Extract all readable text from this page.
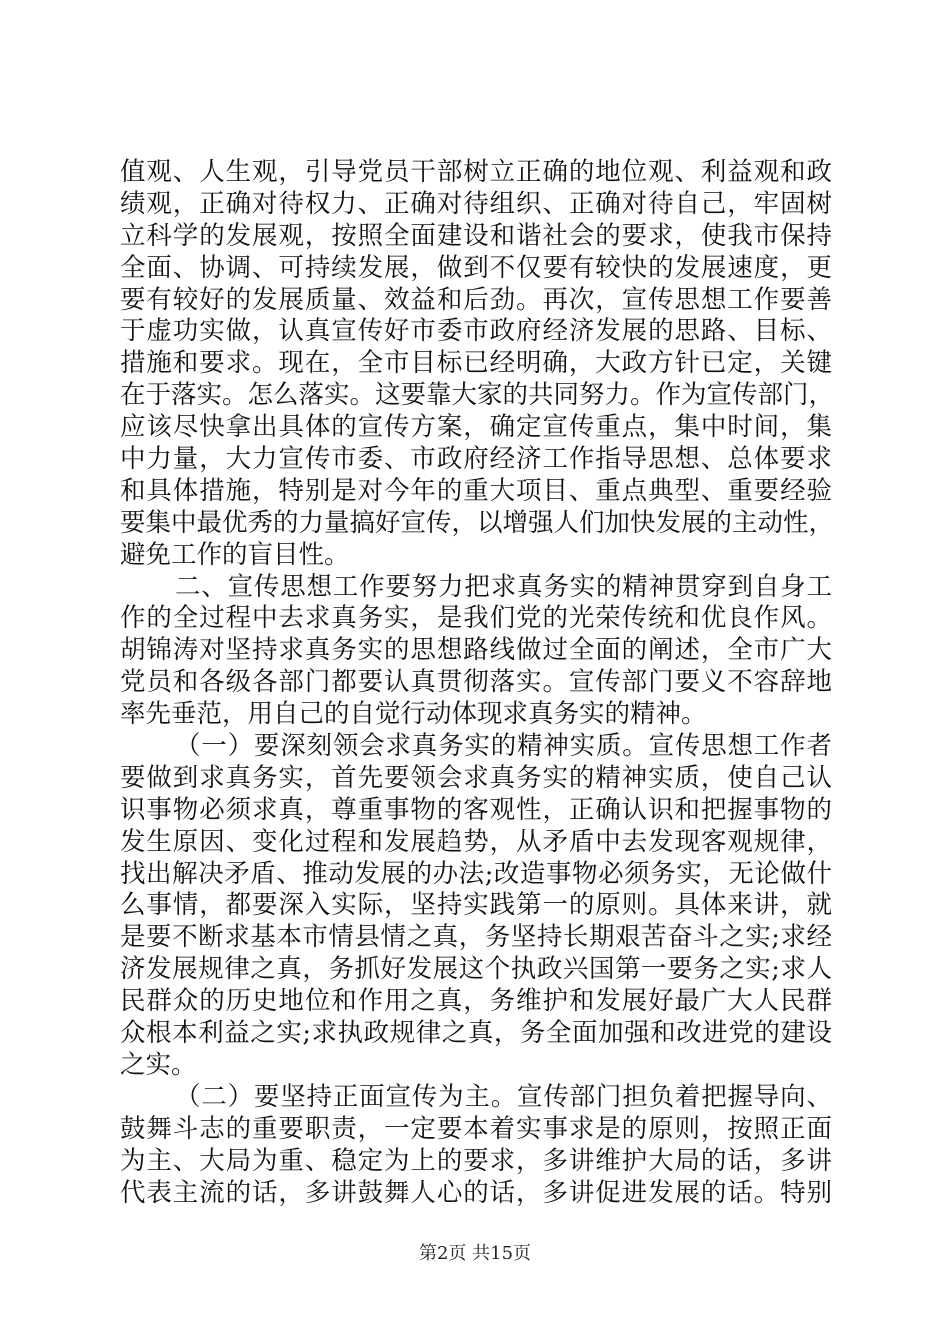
值观、人生观，引导党员干部树立正确的地位观、利益观和政
绩观，正确对待权力、正确对待组织、正确对待自己，牢固树
立科学的发展观，按照全面建设和谐社会的要求，使我市保持
全面、协调、可持续发展，做到不仅要有较快的发展速度，更
要有较好的发展质量、效益和后劲。再次，宣传思想工作要善
于虚功实做，认真宣传好市委市政府经济发展的思路、目标、
措施和要求。现在，全市目标已经明确，大政方针已定，关键
在于落实。怎么落实。这要靠大家的共同努力。作为宣传部门，
应该尽快拿出具体的宣传方案，确定宣传重点，集中时间，集
中力量，大力宣传市委、市政府经济工作指导思想、总体要求
和具体措施，特别是对今年的重大项目、重点典型、重要经验
要集中最优秀的力量搞好宣传，以增强人们加快发展的主动性，
避免工作的盲目性。
二、宣传思想工作要努力把求真务实的精神贯穿到自身工
作的全过程中去求真务实，是我们党的光荣传统和优良作风。
胡锦涛对坚持求真务实的思想路线做过全面的阐述，全市广大
党员和各级各部门都要认真贯彻落实。宣传部门要义不容辞地
率先垂范，用自己的自觉行动体现求真务实的精神。
（一）要深刻领会求真务实的精神实质。宣传思想工作者
要做到求真务实，首先要领会求真务实的精神实质，使自己认
识事物必须求真，尊重事物的客观性，正确认识和把握事物的
发生原因、变化过程和发展趋势，从矛盾中去发现客观规律，
找出解决矛盾、推动发展的办法;改造事物必须务实，无论做什
么事情，都要深入实际，坚持实践第一的原则。具体来讲，就
是要不断求基本市情县情之真，务坚持长期艰苦奋斗之实;求经
济发展规律之真，务抓好发展这个执政兴国第一要务之实;求人
民群众的历史地位和作用之真，务维护和发展好最广大人民群
众根本利益之实;求执政规律之真，务全面加强和改进党的建设
之实。
（二）要坚持正面宣传为主。宣传部门担负着把握导向、
鼓舞斗志的重要职责，一定要本着实事求是的原则，按照正面
为主、大局为重、稳定为上的要求，多讲维护大局的话，多讲
代表主流的话，多讲鼓舞人心的话，多讲促进发展的话。特别
第2页 共15页
